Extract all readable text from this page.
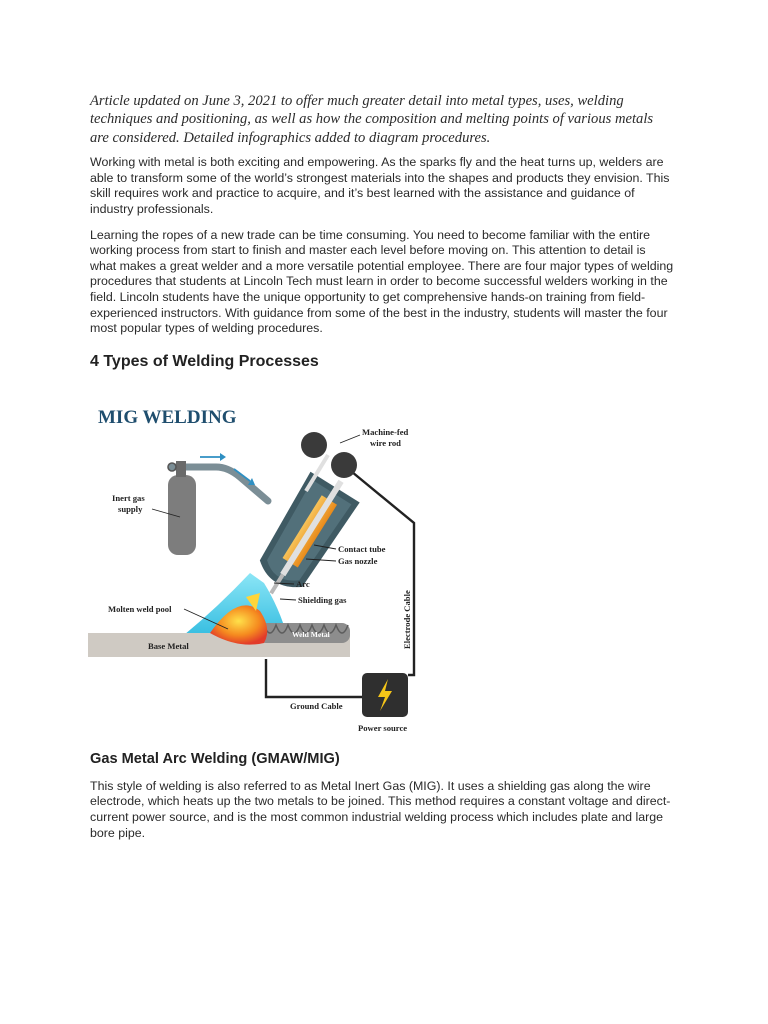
Article updated on June 3, 2021 to offer much greater detail into metal types, uses, welding techniques and positioning, as well as how the composition and melting points of various metals are considered. Detailed infographics added to diagram procedures.

Working with metal is both exciting and empowering. As the sparks fly and the heat turns up, welders are able to transform some of the world’s strongest materials into the shapes and products they envision. This skill requires work and practice to acquire, and it’s best learned with the assistance and guidance of industry professionals.

Learning the ropes of a new trade can be time consuming. You need to become familiar with the entire working process from start to finish and master each level before moving on. This attention to detail is what makes a great welder and a more versatile potential employee. There are four major types of welding procedures that students at Lincoln Tech must learn in order to become successful welders working in the field. Lincoln students have the unique opportunity to get comprehensive hands-on training from field-experienced instructors. With guidance from some of the best in the industry, students will master the four most popular types of welding procedures.

4 Types of Welding Processes
MIG WELDING
Machine-fed
wire rod
Inert gas
supply
Contact tube
Gas nozzle
Arc
Shielding gas
Molten weld pool
Weld Metal
Base Metal	Electrode Cable
Ground Cable
Power source
Gas Metal Arc Welding (GMAW/MIG)

This style of welding is also referred to as Metal Inert Gas (MIG). It uses a shielding gas along the wire electrode, which heats up the two metals to be joined. This method requires a constant voltage and direct-current power source, and is the most common industrial welding process which includes plate and large bore pipe.
